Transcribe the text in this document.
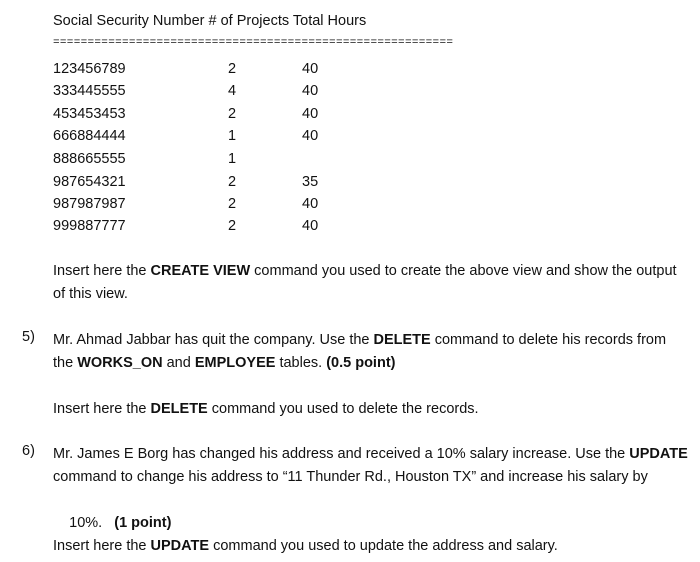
Social Security Number # of Projects Total Hours
==========================================================
123456789	2	40
333445555	4	40
453453453	2	40
666884444	1	40
888665555	1
987654321	2	35
987987987	2	40
999887777	2	40
Insert here the CREATE VIEW command you used to create the above view and show the output
of this view.
5) Mr. Ahmad Jabbar has quit the company. Use the DELETE command to delete his records from
the WORKS_ON and EMPLOYEE tables. (0.5 point)
Insert here the DELETE command you used to delete the records.
6) Mr. James E Borg has changed his address and received a 10% salary increase. Use the UPDATE
command to change his address to “11 Thunder Rd., Houston TX” and increase his salary by

10%.   (1 point)

Insert here the UPDATE command you used to update the address and salary.
